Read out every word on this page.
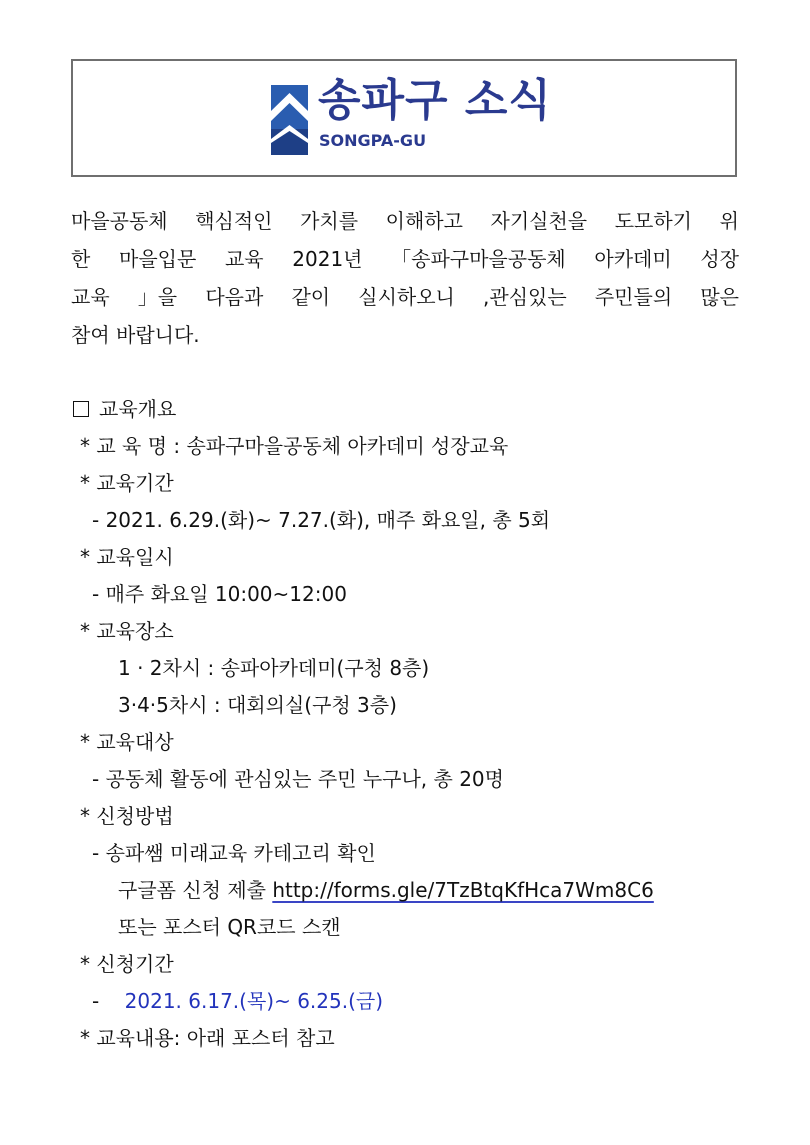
송파구 소식
SONGPA-GU
마을공동체 핵심적인 가치를 이해하고 자기실천을 도모하기 위
한 마을입문 교육 2021년 「송파구마을공동체 아카데미 성장
교육 」을 다음과 같이 실시하오니 ,관심있는 주민들의 많은
참여 바랍니다.
교육개요
* 교 육 명 : 송파구마을공동체 아카데미 성장교육
* 교육기간
- 2021. 6.29.(화)~ 7.27.(화), 매주 화요일, 총 5회
* 교육일시
- 매주 화요일 10:00~12:00
* 교육장소
1 · 2차시 : 송파아카데미(구청 8층)
3·4·5차시 : 대회의실(구청 3층)
* 교육대상
- 공동체 활동에 관심있는 주민 누구나, 총 20명
* 신청방법
- 송파쌤 미래교육 카테고리 확인
구글폼 신청 제출 http://forms.gle/7TzBtqKfHca7Wm8C6
또는 포스터 QR코드 스캔
* 신청기간
- 2021. 6.17.(목)~ 6.25.(금)
* 교육내용: 아래 포스터 참고
